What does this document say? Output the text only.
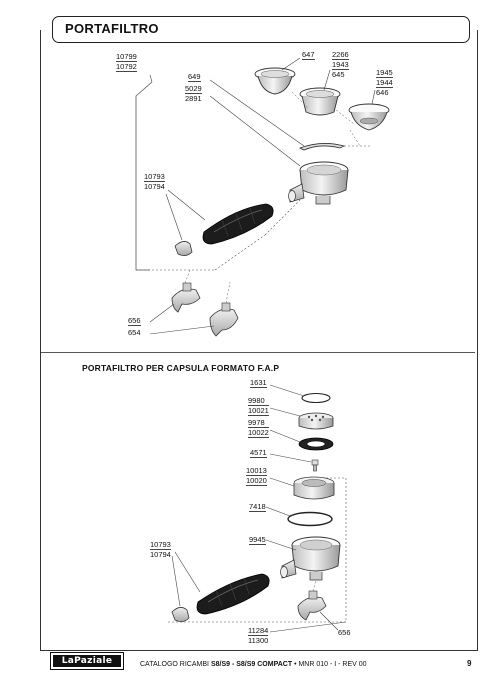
PORTAFILTRO
PORTAFILTRO PER CAPSULA FORMATO F.A.P
10799
10792
647 2266
1943
645	1945
1944
646
649
5029
2891
10793
10794
656
654
1631
9980
10021
9978
10022
4571
10013
10020
7418
9945
10793
10794
11284
11300
656
LaPaziale	CATALOGO RICAMBI S8/S9 - S8/S9 COMPACT • MNR 010 - I - REV 00	9
